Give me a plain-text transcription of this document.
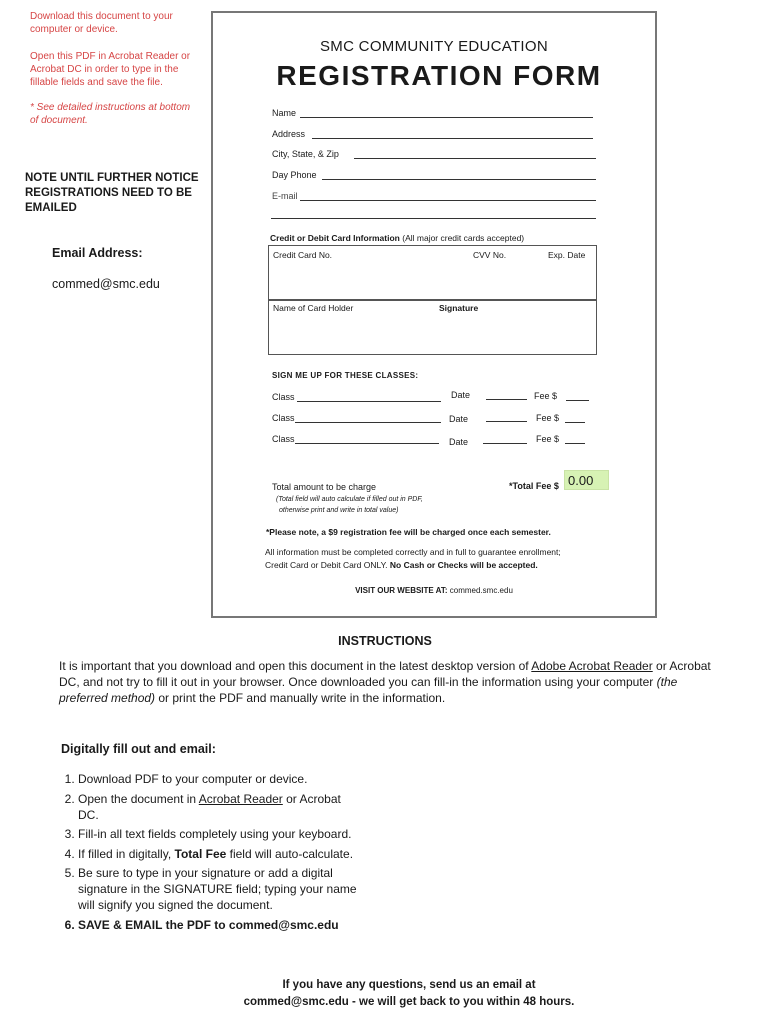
Download this document to your computer or device.
Open this PDF in Acrobat Reader or Acrobat DC in order to type in the fillable fields and save the file.
* See detailed instructions at bottom of document.
NOTE UNTIL FURTHER NOTICE REGISTRATIONS NEED TO BE EMAILED
Email Address:
commed@smc.edu
SMC COMMUNITY EDUCATION
REGISTRATION FORM
Name
Address
City, State, & Zip
Day Phone
E-mail
Credit or Debit Card Information (All major credit cards accepted)
Credit Card No.	CVV No.	Exp. Date
Name of Card Holder	Signature
SIGN ME UP FOR THESE CLASSES:
Class	Date	Fee $
Class	Date	Fee $
Class	Date	Fee $
Total amount to be charge
(Total field will auto calculate if filled out in PDF,
otherwise print and write in total value)
*Total Fee $ 0.00
*Please note, a $9 registration fee will be charged once each semester.
All information must be completed correctly and in full to guarantee enrollment;
Credit Card or Debit Card ONLY. No Cash or Checks will be accepted.
VISIT OUR WEBSITE AT: commed.smc.edu
INSTRUCTIONS
It is important that you download and open this document in the latest desktop version of Adobe Acrobat Reader or Acrobat DC, and not try to fill it out in your browser. Once downloaded you can fill-in the information using your computer (the preferred method) or print the PDF and manually write in the information.
Digitally fill out and email:
1. Download PDF to your computer or device.
2. Open the document in Acrobat Reader or Acrobat DC.
3. Fill-in all text fields completely using your keyboard.
4. If filled in digitally, Total Fee field will auto-calculate.
5. Be sure to type in your signature or add a digital signature in the SIGNATURE field; typing your name will signify you signed the document.
6. SAVE & EMAIL the PDF to commed@smc.edu
If you have any questions, send us an email at
commed@smc.edu - we will get back to you within 48 hours.
